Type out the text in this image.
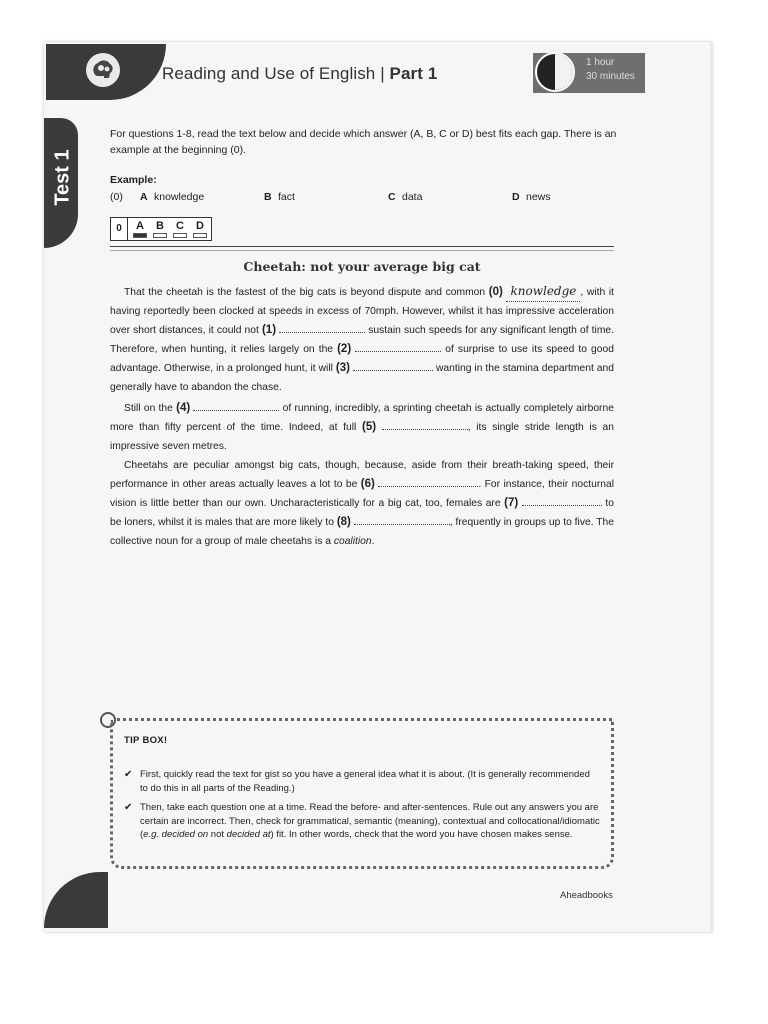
Reading and Use of English | Part 1
1 hour
30 minutes
Test 1
For questions 1-8, read the text below and decide which answer (A, B, C or D) best fits each gap. There is an example at the beginning (0).
Example:
(0) A knowledge	B fact	C data	D news
0	A	B	C	D
Cheetah: not your average big cat

That the cheetah is the fastest of the big cats is beyond dispute and common (0) knowledge , with it having reportedly been clocked at speeds in excess of 70mph. However, whilst it has impressive acceleration over short distances, it could not (1)	sustain such speeds for any significant length of time. Therefore, when hunting, it relies largely on the (2)	of surprise to use its speed to good advantage. Otherwise, in a prolonged hunt, it will (3)	wanting in the stamina department and generally have to abandon the chase.

Still on the (4)	of running, incredibly, a sprinting cheetah is actually completely airborne more than fifty percent of the time. Indeed, at full (5)	, its single stride length is an impressive seven metres.

Cheetahs are peculiar amongst big cats, though, because, aside from their breath-taking speed, their performance in other areas actually leaves a lot to be (6)	. For instance, their nocturnal vision is little better than our own. Uncharacteristically for a big cat, too, females are (7)	to be loners, whilst it is males that are more likely to (8)	, frequently in groups up to five. The collective noun for a group of male cheetahs is a coalition.

TIP BOX!
✔ First, quickly read the text for gist so you have a general idea what it is about. (It is generally recommended to do this in all parts of the Reading.)
✔ Then, take each question one at a time. Read the before- and after-sentences. Rule out any answers you are certain are incorrect. Then, check for grammatical, semantic (meaning), contextual and collocational/idiomatic (e.g. decided on not decided at) fit. In other words, check that the word you have chosen makes sense.
Aheadbooks
